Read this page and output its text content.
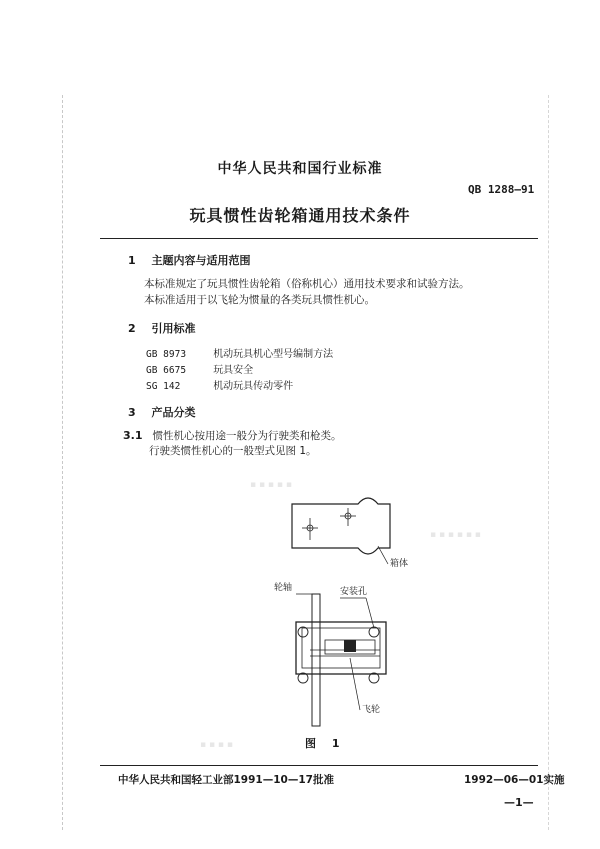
中华人民共和国行业标准
QB 1288—91
玩具惯性齿轮箱通用技术条件
1 主题内容与适用范围
本标准规定了玩具惯性齿轮箱（俗称机心）通用技术要求和试验方法。
本标准适用于以飞轮为惯量的各类玩具惯性机心。
2 引用标准
GB 8973	机动玩具机心型号编制方法
GB 6675	玩具安全
SG 142	机动玩具传动零件
3 产品分类
3.1 惯性机心按用途一般分为行驶类和枪类。
行驶类惯性机心的一般型式见图 1。
▪ ▪ ▪ ▪ ▪
▪ ▪ ▪ ▪ ▪ ▪
▪ ▪ ▪ ▪
箱体
轮轴	安装孔
飞轮
图 1
中华人民共和国轻工业部1991—10—17批准	1992—06—01实施
—1—
